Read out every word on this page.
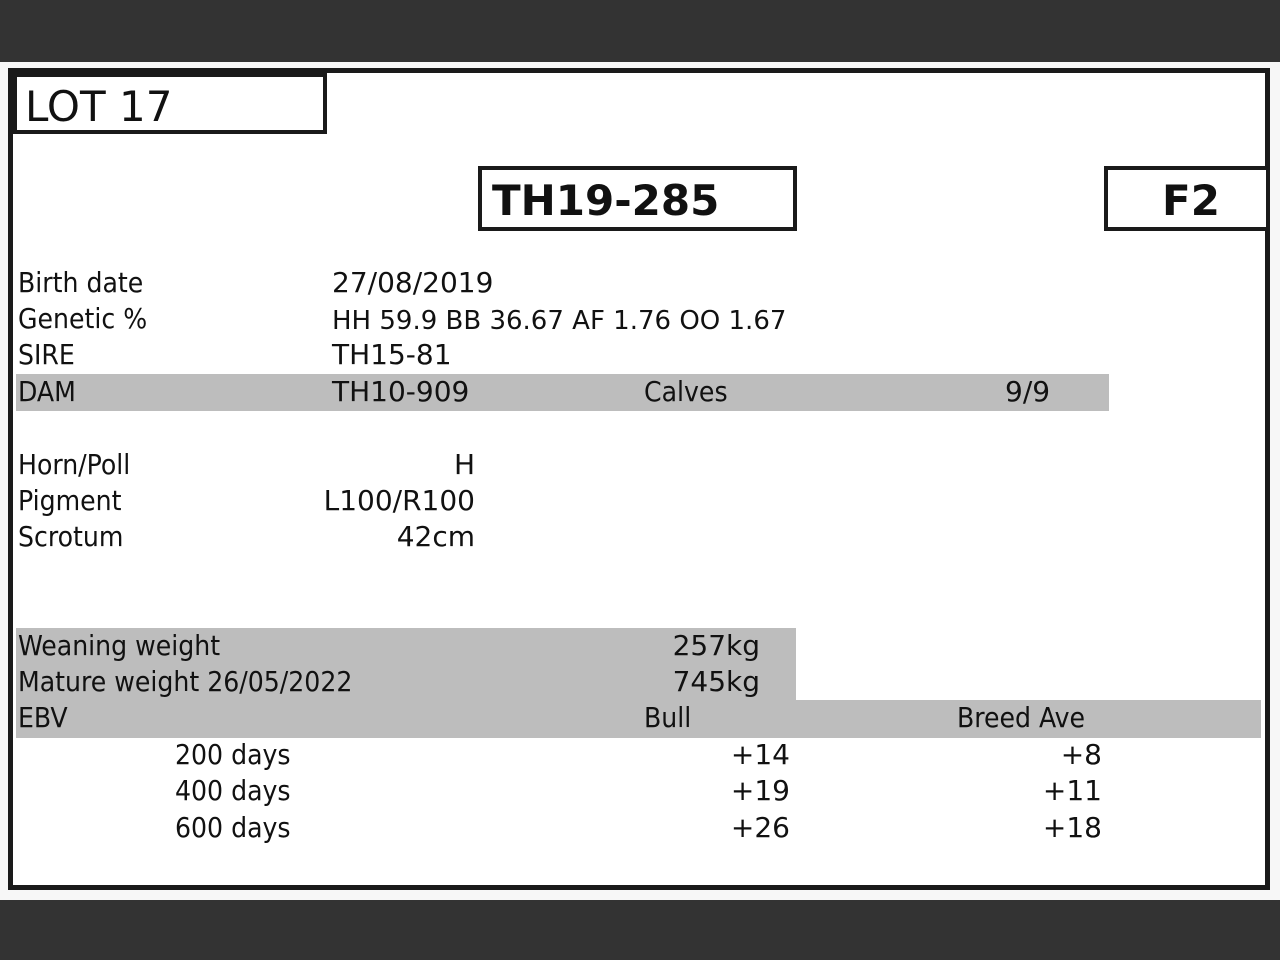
LOT 17
TH19-285	F2
Birth date	27/08/2019
Genetic %	HH 59.9 BB 36.67 AF 1.76 OO 1.67
SIRE	TH15-81
DAM	TH10-909	Calves	9/9
Horn/Poll	H
Pigment	L100/R100
Scrotum	42cm
Weaning weight	257kg
Mature weight 26/05/2022	745kg
EBV	Bull	Breed Ave
200 days	+14	+8
400 days	+19	+11
600 days	+26	+18
